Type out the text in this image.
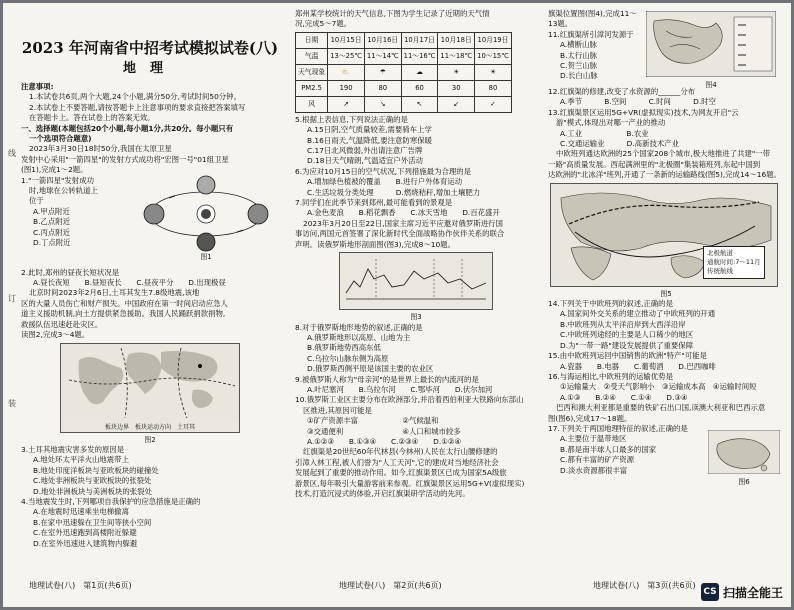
线
订
装
2023 年河南省中招考试模拟试卷(八)
地理

注意事项:

1.本试卷共6页,两个大题,24个小题,满分50分,考试时间50分钟。

2.本试卷上不要答题,请按答题卡上注意事项的要求直接把答案填写

在答题卡上。答在试卷上的答案无效。

一、选择题(本题包括20个小题,每小题1分,共20分。每小题只有

一个选项符合题意)

2023年3月30日18时50分,我国在太原卫星

发射中心采用"一箭四星"的发射方式成功将"宏图一号"01组卫星

(图1),完成1～2题。

1."一箭四星"发射成功

时,地球在公转轨道上

位于

A.甲点附近

B.乙点附近

C.丙点附近

D.丁点附近

图1

2.此时,郑州的昼夜长短状况是

A.昼长夜短　　B.昼短夜长　　C.昼夜平分　　D.出现极昼

北京时间2023年2月6日,土耳其发生7.8级地震,该地

区的大量人员伤亡和财产损失。中国政府在第一时间启动应急人

道主义援助机制,向土方提供紧急援助。我国人民踊跃捐款捐物,

救援队伍迅速赶赴灾区。

读图2,完成3～4题。

板块边界　板块运动方向　土耳其
图2

3.土耳其地震灾害多发的原因是

A.地处环太平洋火山地震带上

B.地处印度洋板块与亚欧板块的碰撞处

C.地处非洲板块与亚欧板块的张裂处

D.地处非洲板块与美洲板块的张裂处

4.当地震发生时,下列哪项自我保护的应急措施是正确的

A.在地震时迅速乘坐电梯撤离

B.在家中迅速躲在卫生间等狭小空间

C.在室外迅速跑到高楼附近躲避

D.在室外迅速进入建筑物内躲避

郑州某学校统计的天气信息,下图为学生记录了近期的天气情

况,完成5～7题。

日期	10月15日	10月16日	10月17日	10月18日	10月19日
气温	13～25℃	11～14℃	11～16℃	11～18℃	10～15℃
天气现象	⛅	☂	☁	☀	☀
PM2.5	190	80	60	30	80
风	↗	↘	↖	↙	✓

5.根据上表信息,下列说法正确的是

A.15日阴,空气质量较差,需要骑车上学

B.16日雨天,气温降低,要注意防寒保暖

C.17日北风微弱,外出请注意广告牌

D.18日天气晴朗,气温适宜户外活动

6.为应对10月15日的空气状况,下列措施最为合理的是

A.增加绿色植被的覆盖　　B.进行户外体育运动

C.生活垃圾分类处理　　　D.燃烧秸秆,增加土壤肥力

7.同学们在此季节来到郑州,最可能看到的景观是

A.金色麦浪　　B.稻花飘香　　C.冰天雪地　　D.百花盛开

2023年3月20日至22日,国家主席习近平应邀对俄罗斯进行国

事访问,两国元首签署了深化新时代全面战略协作伙伴关系的联合

声明。读俄罗斯地形剖面图(图3),完成8～10题。

图3

8.对于俄罗斯地形地势的叙述,正确的是

A.俄罗斯地形以高原、山地为主

B.俄罗斯地势西高东低

C.乌拉尔山脉东侧为高原

D.俄罗斯西侧平原是该国主要的农业区

9.被俄罗斯人称为"母亲河"的是世界上最长的内流河的是

A.叶尼塞河　　B.乌拉尔河　　C.鄂毕河　　D.伏尔加河

10.俄罗斯工业区主要分布在欧洲部分,并沿着西伯利亚大铁路向东部山

区推进,其原因可能是

①矿产资源丰富　　　　　　②气候温和

③交通便利　　　　　　　　④人口和城市较多

A.①②③　　B.①③④　　C.②③④　　D.①②④

红旗渠是20世纪60年代林县(今林州)人民在太行山腰修建的

引漳入林工程,被人们誉为"人工天河",它的建成对当地经济社会

发展起到了重要的推动作用。如今,红旗渠景区已成为国家5A级旅

游景区,每年吸引大量游客前来参观。红旗渠景区运用5G+V(虚拟现实)

技术,打造沉浸式的体验,开启红旗渠研学活动的先河。

旗渠位置图(图4),完成11～

13题。

11.红旗渠所引漳河发源于

A.横断山脉

B.太行山脉

C.贺兰山脉

D.长白山脉

图4

12.红旗渠的修建,改变了水资源的______分布

A.季节　　　B.空间　　　C.时间　　　D.时空

13.红旗渠景区运用5G+VR(虚拟现实)技术,为网友开启"云

游"模式,体现出对哪一产业的推动

A.工业　　　　　　B.农业

C.交通运输业　　　D.高新技术产业

中欧班列通达欧洲的25个国家208个城市,极大地推进了共建"一带

一路"高质量发展。西起满洲里的"北极圈"集装箱班列,东起中国到

达欧洲的"北冰洋"班列,开通了一条新的运输路线(图5),完成14～16题。

北极航道
通航时间:7～11月
传统航线
图5

14.下列关于中欧班列的叙述,正确的是

A.国家间外交关系的建立推动了中欧班列的开通

B.中欧班列从太平洋沿岸到大西洋沿岸

C.中欧班列途经的主要是人口稀少的地区

D.为"一带一路"建设发展提供了重要保障

15.由中欧班列运回中国销售的欧洲"特产"可能是

A.瓷器　　B.电器　　C.葡萄酒　　D.巴西咖啡

16.与海运相比,中欧班列的运输优势是

①运输量大　②受天气影响小　③运输成本高　④运输时间短

A.①③　　B.②④　　C.①④　　D.③④

巴西和澳大利亚都是重要的铁矿石出口国,读澳大利亚和巴西示意

图(图6),完成17～18题。

17.下列关于两国地理特征的叙述,正确的是

A.主要位于温带地区

B.都是南半球人口最多的国家

C.都有丰富的矿产资源

D.淡水资源都很丰富

图6
地理试卷(八)　第1页(共6页)	地理试卷(八)　第2页(共6页)	地理试卷(八)　第3页(共6页)
CS 扫描全能王
